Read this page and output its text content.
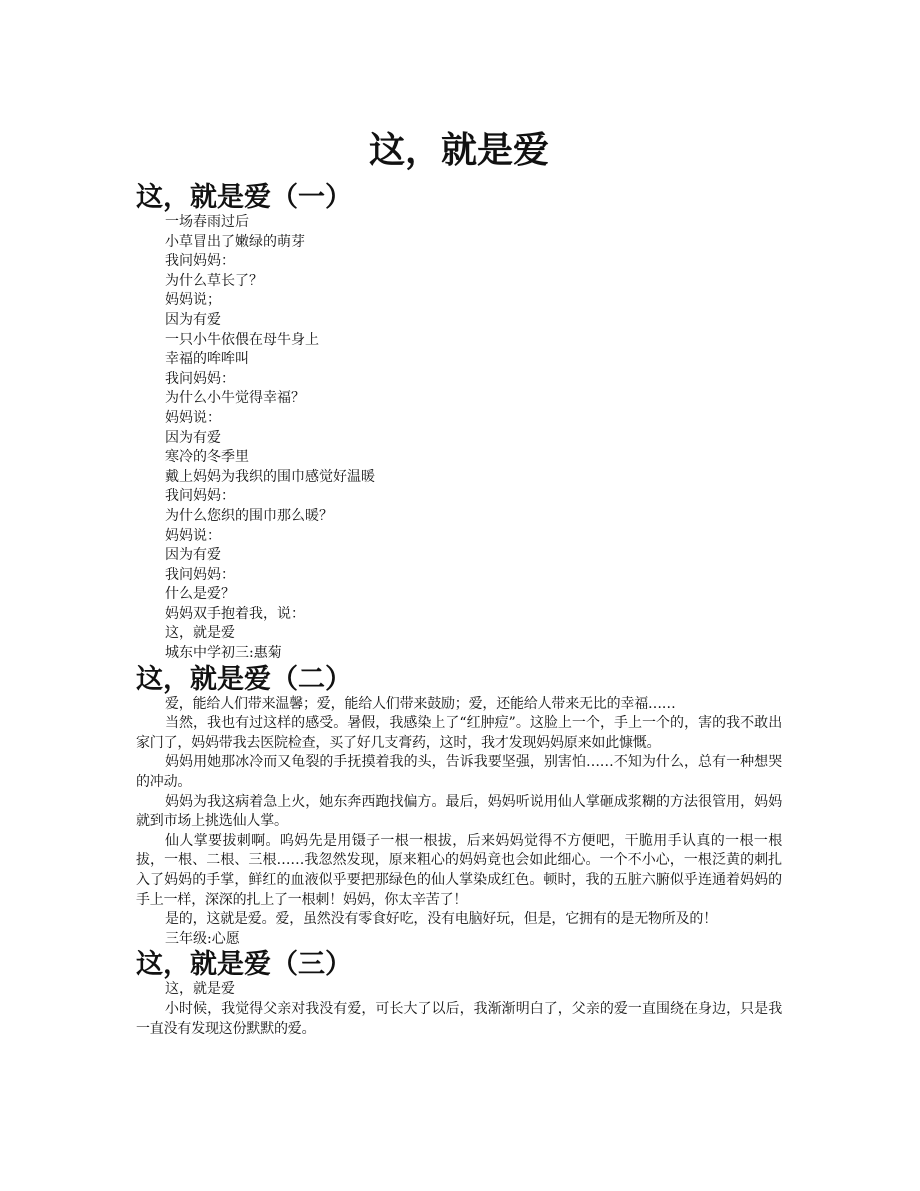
这，就是爱
这，就是爱（一）

一场春雨过后

小草冒出了嫩绿的萌芽

我问妈妈：

为什么草长了？

妈妈说；

因为有爱

一只小牛依偎在母牛身上

幸福的哞哞叫

我问妈妈：

为什么小牛觉得幸福？

妈妈说：

因为有爱

寒冷的冬季里

戴上妈妈为我织的围巾感觉好温暖

我问妈妈：

为什么您织的围巾那么暖？

妈妈说：

因为有爱

我问妈妈：

什么是爱？

妈妈双手抱着我，说：

这，就是爱

城东中学初三:惠菊

这，就是爱（二）

爱，能给人们带来温馨；爱，能给人们带来鼓励；爱，还能给人带来无比的幸福……

当然，我也有过这样的感受。暑假，我感染上了“红肿痘”。这脸上一个，手上一个的，害的我不敢出家门了，妈妈带我去医院检查，买了好几支膏药，这时，我才发现妈妈原来如此慷慨。

妈妈用她那冰冷而又龟裂的手抚摸着我的头，告诉我要坚强，别害怕……不知为什么，总有一种想哭的冲动。

妈妈为我这病着急上火，她东奔西跑找偏方。最后，妈妈听说用仙人掌砸成浆糊的方法很管用，妈妈就到市场上挑选仙人掌。

仙人掌要拔刺啊。呜妈先是用镊子一根一根拔，后来妈妈觉得不方便吧，干脆用手认真的一根一根拔，一根、二根、三根……我忽然发现，原来粗心的妈妈竟也会如此细心。一个不小心，一根泛黄的刺扎入了妈妈的手掌，鲜红的血液似乎要把那绿色的仙人掌染成红色。顿时，我的五脏六腑似乎连通着妈妈的手上一样，深深的扎上了一根刺！妈妈，你太辛苦了！

是的，这就是爱。爱，虽然没有零食好吃，没有电脑好玩，但是，它拥有的是无物所及的！

三年级:心愿

这，就是爱（三）

这，就是爱

小时候，我觉得父亲对我没有爱，可长大了以后，我渐渐明白了，父亲的爱一直围绕在身边，只是我一直没有发现这份默默的爱。
